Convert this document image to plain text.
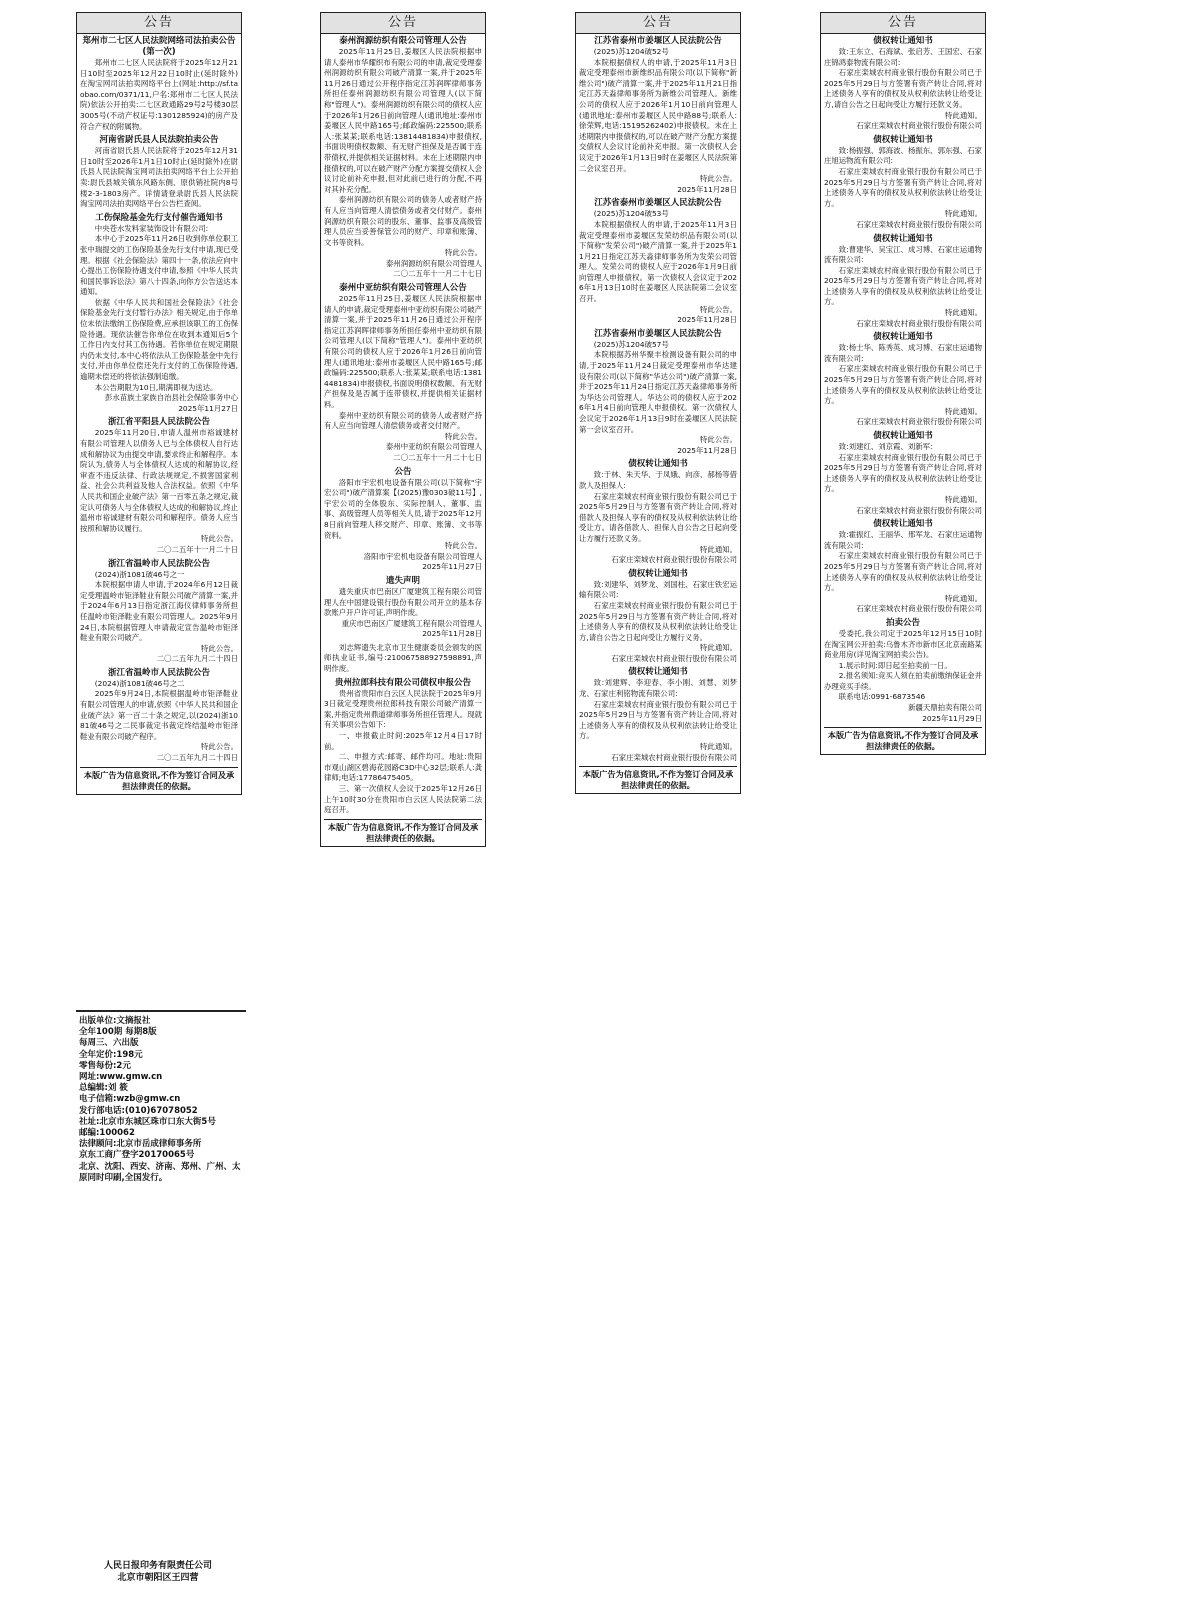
公告
郑州市二七区人民法院网络司法拍卖公告(第一次)

郑州市二七区人民法院将于2025年12月21日10时至2025年12月22日10时止(延时除外)在淘宝网司法拍卖网络平台上(网址:http://sf.taobao.com/0371/11,户名:郑州市二七区人民法院)依法公开拍卖:二七区政通路29号2号楼30层3005号(不动产权证号:1301285924)的房产及符合产权的附属物。

河南省尉氏县人民法院拍卖公告

河南省尉氏县人民法院将于2025年12月31日10时至2026年1月1日10时止(延时除外)在尉氏县人民法院淘宝网司法拍卖网络平台上公开拍卖:尉氏县城关镇东风路东侧、原供销社院内8号楼2-3-1803房产。详情请登录尉氏县人民法院淘宝网司法拍卖网络平台公告栏查阅。

工伤保险基金先行支付催告通知书

中央苍水发料家装饰设计有限公司:

本中心于2025年11月26日收到你单位职工张中瑞提交的工伤保险基金先行支付申请,现已受理。根据《社会保险法》第四十一条,依法应向中心提出工伤保险待遇支付申请,参照《中华人民共和国民事诉讼法》第八十四条,向你方公告送达本通知。

依据《中华人民共和国社会保险法》《社会保险基金先行支付暂行办法》相关规定,由于你单位未依法缴纳工伤保险费,应承担该职工的工伤保险待遇。现依法催告你单位在收到本通知后5个工作日内支付其工伤待遇。若你单位在规定期限内仍未支付,本中心将依法从工伤保险基金中先行支付,并由你单位偿还先行支付的工伤保险待遇,逾期未偿还的将依法强制追缴。

本公告期限为10日,期满即视为送达。

彭水苗族土家族自治县社会保险事务中心
2025年11月27日
浙江省平阳县人民法院公告

2025年11月20日,申请人温州市裕诚建材有限公司管理人以债务人已与全体债权人自行达成和解协议为由提交申请,要求终止和解程序。本院认为,债务人与全体债权人达成的和解协议,经审查不违反法律、行政法规规定,不损害国家利益、社会公共利益及他人合法权益。依照《中华人民共和国企业破产法》第一百零五条之规定,裁定认可债务人与全体债权人达成的和解协议,终止温州市裕诚建材有限公司和解程序。债务人应当按照和解协议履行。

特此公告。
二〇二五年十一月二十日
浙江省温岭市人民法院公告

(2024)浙1081破46号之一

本院根据申请人申请,于2024年6月12日裁定受理温岭市钜泽鞋业有限公司破产清算一案,并于2024年6月13日指定浙江海仪律师事务所担任温岭市钜泽鞋业有限公司管理人。2025年9月24日,本院根据管理人申请裁定宣告温岭市钜泽鞋业有限公司破产。

特此公告。
二〇二五年九月二十四日
浙江省温岭市人民法院公告

(2024)浙1081破46号之二

2025年9月24日,本院根据温岭市钜泽鞋业有限公司管理人的申请,依照《中华人民共和国企业破产法》第一百二十条之规定,以(2024)浙1081破46号之二民事裁定书裁定终结温岭市钜泽鞋业有限公司破产程序。

特此公告。
二〇二五年九月二十四日
本版广告为信息资讯,不作为签订合同及承担法律责任的依据。
公告
泰州润源纺织有限公司管理人公告

2025年11月25日,姜堰区人民法院根据申请人泰州市华耀织布有限公司的申请,裁定受理泰州润源纺织有限公司破产清算一案,并于2025年11月26日通过公开程序指定江苏润晖律师事务所担任泰州润源纺织有限公司管理人(以下简称"管理人")。泰州润源纺织有限公司的债权人应于2026年1月26日前向管理人(通讯地址:泰州市姜堰区人民中路165号;邮政编码:225500;联系人:张某某;联系电话:13814481834)申报债权,书面说明债权数额、有无财产担保及是否属于连带债权,并提供相关证据材料。未在上述期限内申报债权的,可以在破产财产分配方案提交债权人会议讨论前补充申报,但对此前已进行的分配,不再对其补充分配。

泰州润源纺织有限公司的债务人或者财产持有人应当向管理人清偿债务或者交付财产。泰州润源纺织有限公司的股东、董事、监事及高级管理人员应当妥善保管公司的财产、印章和账簿、文书等资料。

特此公告。
泰州润源纺织有限公司管理人
二〇二五年十一月二十七日
泰州中亚纺织有限公司管理人公告

2025年11月25日,姜堰区人民法院根据申请人的申请,裁定受理泰州中亚纺织有限公司破产清算一案,并于2025年11月26日通过公开程序指定江苏润晖律师事务所担任泰州中亚纺织有限公司管理人(以下简称"管理人")。泰州中亚纺织有限公司的债权人应于2026年1月26日前向管理人(通讯地址:泰州市姜堰区人民中路165号;邮政编码:225500;联系人:张某某;联系电话:13814481834)申报债权,书面说明债权数额、有无财产担保及是否属于连带债权,并提供相关证据材料。

泰州中亚纺织有限公司的债务人或者财产持有人应当向管理人清偿债务或者交付财产。

特此公告。
泰州中亚纺织有限公司管理人
二〇二五年十一月二十七日
公告

洛阳市宇宏机电设备有限公司(以下简称"宇宏公司")破产清算案【(2025)豫0303破11号】,宇宏公司的全体股东、实际控制人、董事、监事、高级管理人员等相关人员,请于2025年12月8日前向管理人移交财产、印章、账簿、文书等资料。

特此公告。
洛阳市宇宏机电设备有限公司管理人
2025年11月27日
遗失声明

遗失重庆市巴南区广厦建筑工程有限公司管理人在中国建设银行股份有限公司开立的基本存款账户开户许可证,声明作废。

重庆市巴南区广厦建筑工程有限公司管理人
2025年11月28日

刘志辉遗失北京市卫生健康委员会颁发的医师执业证书,编号:210067588927598891,声明作废。

贵州拉郎科技有限公司债权申报公告

贵州省贵阳市白云区人民法院于2025年9月3日裁定受理贵州拉郎科技有限公司破产清算一案,并指定贵州鼎道律师事务所担任管理人。现就有关事项公告如下:

一、申报截止时间:2025年12月4日17时前。

二、申报方式:邮寄、邮件均可。地址:贵阳市观山湖区碧海花园路C3D中心32层;联系人:龚律师;电话:17786475405。

三、第一次债权人会议于2025年12月26日上午10时30分在贵阳市白云区人民法院第二法庭召开。

本版广告为信息资讯,不作为签订合同及承担法律责任的依据。
公告
江苏省泰州市姜堰区人民法院公告

(2025)苏1204破52号

本院根据债权人的申请,于2025年11月3日裁定受理泰州市新维织品有限公司(以下简称"新维公司")破产清算一案,并于2025年11月21日指定江苏天淼律师事务所为新维公司管理人。新维公司的债权人应于2026年1月10日前向管理人(通讯地址:泰州市姜堰区人民中路88号;联系人:徐荣辉,电话:15195262402)申报债权。未在上述期限内申报债权的,可以在破产财产分配方案提交债权人会议讨论前补充申报。第一次债权人会议定于2026年1月13日9时在姜堰区人民法院第二会议室召开。

特此公告。
2025年11月28日
江苏省泰州市姜堰区人民法院公告

(2025)苏1204破53号

本院根据债权人的申请,于2025年11月3日裁定受理泰州市姜堰区发荣纺织品有限公司(以下简称"发荣公司")破产清算一案,并于2025年11月21日指定江苏天淼律师事务所为发荣公司管理人。发荣公司的债权人应于2026年1月9日前向管理人申报债权。第一次债权人会议定于2026年1月13日10时在姜堰区人民法院第二会议室召开。

特此公告。
2025年11月28日
江苏省泰州市姜堰区人民法院公告

(2025)苏1204破57号

本院根据苏州华聚丰检测设备有限公司的申请,于2025年11月24日裁定受理泰州市华达建设有限公司(以下简称"华达公司")破产清算一案,并于2025年11月24日指定江苏天淼律师事务所为华达公司管理人。华达公司的债权人应于2026年1月4日前向管理人申报债权。第一次债权人会议定于2026年1月13日9时在姜堰区人民法院第一会议室召开。

特此公告。
2025年11月28日
债权转让通知书

致:于林、朱天华、于凤娥、向彦、郝杨等借款人及担保人:

石家庄栾城农村商业银行股份有限公司已于2025年5月29日与方签署有资产转让合同,将对借款人及担保人享有的债权及从权利依法转让给受让方。请各借款人、担保人自公告之日起向受让方履行还款义务。

特此通知。
石家庄栾城农村商业银行股份有限公司
债权转让通知书

致:刘建华、刘梦龙、刘国柱、石家庄铁宏运输有限公司:

石家庄栾城农村商业银行股份有限公司已于2025年5月29日与方签署有资产转让合同,将对上述债务人享有的债权及从权利依法转让给受让方,请自公告之日起向受让方履行义务。

特此通知。
石家庄栾城农村商业银行股份有限公司
债权转让通知书

致:刘建辉、李迎春、李小刚、刘慧、刘梦龙、石家庄利铭物流有限公司:

石家庄栾城农村商业银行股份有限公司已于2025年5月29日与方签署有资产转让合同,将对上述债务人享有的债权及从权利依法转让给受让方。

特此通知。
石家庄栾城农村商业银行股份有限公司
本版广告为信息资讯,不作为签订合同及承担法律责任的依据。
公告
债权转让通知书

致:王东立、石海斌、张启芳、王国宏、石家庄锦鸿泰物流有限公司:

石家庄栾城农村商业银行股份有限公司已于2025年5月29日与方签署有资产转让合同,将对上述债务人享有的债权及从权利依法转让给受让方,请自公告之日起向受让方履行还款义务。

特此通知。
石家庄栾城农村商业银行股份有限公司
债权转让通知书

致:杨振强、郭海波、杨振东、郭东强、石家庄旭运物流有限公司:

石家庄栾城农村商业银行股份有限公司已于2025年5月29日与方签署有资产转让合同,将对上述债务人享有的债权及从权利依法转让给受让方。

特此通知。
石家庄栾城农村商业银行股份有限公司
债权转让通知书

致:曹建华、吴宝江、成习博、石家庄运通物流有限公司:

石家庄栾城农村商业银行股份有限公司已于2025年5月29日与方签署有资产转让合同,将对上述债务人享有的债权及从权利依法转让给受让方。

特此通知。
石家庄栾城农村商业银行股份有限公司
债权转让通知书

致:杨士华、陈秀英、成习博、石家庄运通物流有限公司:

石家庄栾城农村商业银行股份有限公司已于2025年5月29日与方签署有资产转让合同,将对上述债务人享有的债权及从权利依法转让给受让方。

特此通知。
石家庄栾城农村商业银行股份有限公司
债权转让通知书

致:刘建红、刘京霞、刘新军:

石家庄栾城农村商业银行股份有限公司已于2025年5月29日与方签署有资产转让合同,将对上述债务人享有的债权及从权利依法转让给受让方。

特此通知。
石家庄栾城农村商业银行股份有限公司
债权转让通知书

致:霍振红、王丽华、邢军龙、石家庄运通物流有限公司:

石家庄栾城农村商业银行股份有限公司已于2025年5月29日与方签署有资产转让合同,将对上述债务人享有的债权及从权利依法转让给受让方。

特此通知。
石家庄栾城农村商业银行股份有限公司
拍卖公告

受委托,我公司定于2025年12月15日10时在淘宝网公开拍卖:乌鲁木齐市新市区北京南路某商业用房(详见淘宝网拍卖公告)。

1.展示时间:即日起至拍卖前一日。

2.报名须知:竞买人须在拍卖前缴纳保证金并办理竞买手续。

联系电话:0991-6873546

新疆天鼎拍卖有限公司
2025年11月29日
本版广告为信息资讯,不作为签订合同及承担法律责任的依据。
出版单位:文摘报社
全年100期 每期8版
每周三、六出版
全年定价:198元
零售每份:2元
网址:www.gmw.cn
总编辑:刘 筱
电子信箱:wzb@gmw.cn
发行部电话:(010)67078052
社址:北京市东城区珠市口东大街5号
邮编:100062
法律顾问:北京市岳成律师事务所
京东工商广登字20170065号
北京、沈阳、西安、济南、郑州、广州、太原同时印刷,全国发行。
人民日报印务有限责任公司
北京市朝阳区王四营
